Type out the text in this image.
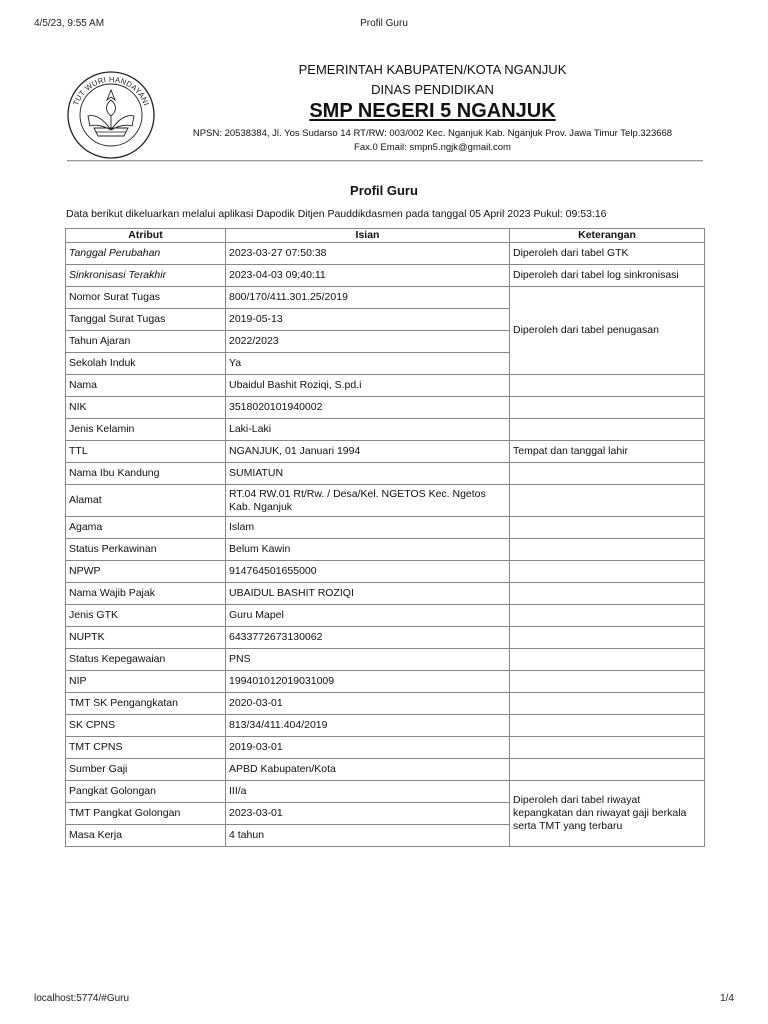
4/5/23, 9:55 AM	Profil Guru
TUT WURI HANDAYANI
PEMERINTAH KABUPATEN/KOTA NGANJUK
DINAS PENDIDIKAN
SMP NEGERI 5 NGANJUK
NPSN: 20538384, Jl. Yos Sudarso 14 RT/RW: 003/002 Kec. Nganjuk Kab. Nganjuk Prov. Jawa Timur Telp.323668
Fax.0 Email: smpn5.ngjk@gmail.com
Profil Guru
Data berikut dikeluarkan melalui aplikasi Dapodik Ditjen Pauddikdasmen pada tanggal 05 April 2023 Pukul: 09:53:16
Atribut	Isian	Keterangan
Tanggal Perubahan	2023-03-27 07:50:38	Diperoleh dari tabel GTK
Sinkronisasi Terakhir	2023-04-03 09:40:11	Diperoleh dari tabel log sinkronisasi
Nomor Surat Tugas	800/170/411.301.25/2019	Diperoleh dari tabel penugasan
Tanggal Surat Tugas	2019-05-13	
Tahun Ajaran	2022/2023	
Sekolah Induk	Ya	
Nama	Ubaidul Bashit Roziqi, S.pd.i	
NIK	3518020101940002	
Jenis Kelamin	Laki-Laki	
TTL	NGANJUK, 01 Januari 1994	Tempat dan tanggal lahir
Nama Ibu Kandung	SUMIATUN	
Alamat	RT.04 RW.01 Rt/Rw. / Desa/Kel. NGETOS Kec. Ngetos Kab. Nganjuk	
Agama	Islam	
Status Perkawinan	Belum Kawin	
NPWP	914764501655000	
Nama Wajib Pajak	UBAIDUL BASHIT ROZIQI	
Jenis GTK	Guru Mapel	
NUPTK	6433772673130062	
Status Kepegawaian	PNS	
NIP	199401012019031009	
TMT SK Pengangkatan	2020-03-01	
SK CPNS	813/34/411.404/2019	
TMT CPNS	2019-03-01	
Sumber Gaji	APBD Kabupaten/Kota	
Pangkat Golongan	III/a	Diperoleh dari tabel riwayat kepangkatan dan riwayat gaji berkala serta TMT yang terbaru
TMT Pangkat Golongan	2023-03-01	
Masa Kerja	4 tahun	
localhost:5774/#Guru	1/4
